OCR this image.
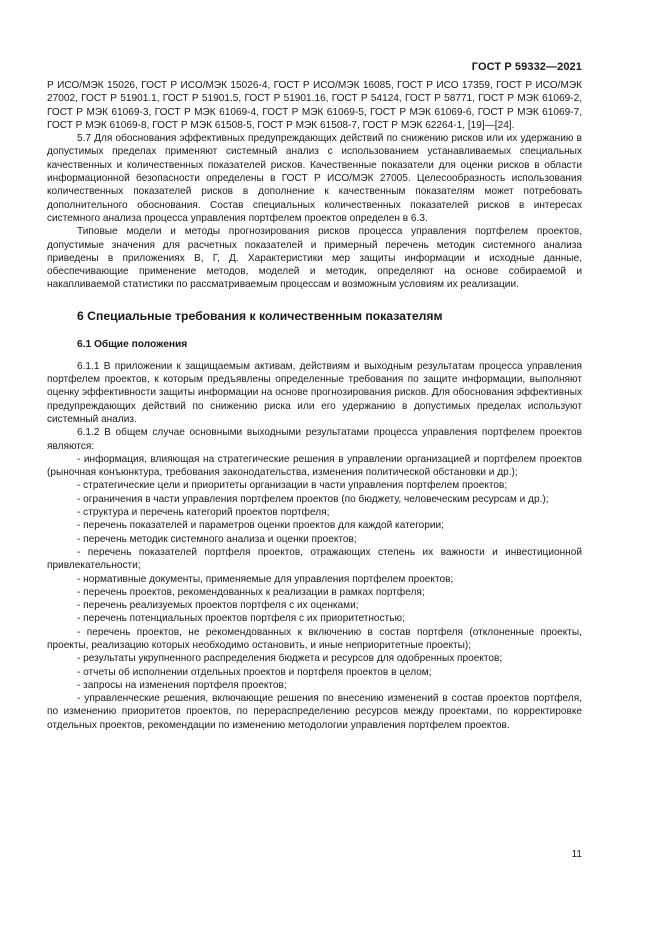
ГОСТ Р 59332—2021

Р ИСО/МЭК 15026, ГОСТ Р ИСО/МЭК 15026-4, ГОСТ Р ИСО/МЭК 16085, ГОСТ Р ИСО 17359, ГОСТ Р ИСО/МЭК 27002, ГОСТ Р 51901.1, ГОСТ Р 51901.5, ГОСТ Р 51901.16, ГОСТ Р 54124, ГОСТ Р 58771, ГОСТ Р МЭК 61069-2, ГОСТ Р МЭК 61069-3, ГОСТ Р МЭК 61069-4, ГОСТ Р МЭК 61069-5, ГОСТ Р МЭК 61069-6, ГОСТ Р МЭК 61069-7, ГОСТ Р МЭК 61069-8, ГОСТ Р МЭК 61508-5, ГОСТ Р МЭК 61508-7, ГОСТ Р МЭК 62264-1, [19]—[24].

5.7 Для обоснования эффективных предупреждающих действий по снижению рисков или их удержанию в допустимых пределах применяют системный анализ с использованием устанавливаемых специальных качественных и количественных показателей рисков. Качественные показатели для оценки рисков в области информационной безопасности определены в ГОСТ Р ИСО/МЭК 27005. Целесообразность использования количественных показателей рисков в дополнение к качественным показателям может потребовать дополнительного обоснования. Состав специальных количественных показателей рисков в интересах системного анализа процесса управления портфелем проектов определен в 6.3.

Типовые модели и методы прогнозирования рисков процесса управления портфелем проектов, допустимые значения для расчетных показателей и примерный перечень методик системного анализа приведены в приложениях В, Г, Д. Характеристики мер защиты информации и исходные данные, обеспечивающие применение методов, моделей и методик, определяют на основе собираемой и накапливаемой статистики по рассматриваемым процессам и возможным условиям их реализации.

6 Специальные требования к количественным показателям

6.1 Общие положения

6.1.1 В приложении к защищаемым активам, действиям и выходным результатам процесса управления портфелем проектов, к которым предъявлены определенные требования по защите информации, выполняют оценку эффективности защиты информации на основе прогнозирования рисков. Для обоснования эффективных предупреждающих действий по снижению риска или его удержанию в допустимых пределах используют системный анализ.

6.1.2 В общем случае основными выходными результатами процесса управления портфелем проектов являются:

- информация, влияющая на стратегические решения в управлении организацией и портфелем проектов (рыночная конъюнктура, требования законодательства, изменения политической обстановки и др.);

- стратегические цели и приоритеты организации в части управления портфелем проектов;

- ограничения в части управления портфелем проектов (по бюджету, человеческим ресурсам и др.);

- структура и перечень категорий проектов портфеля;

- перечень показателей и параметров оценки проектов для каждой категории;

- перечень методик системного анализа и оценки проектов;

- перечень показателей портфеля проектов, отражающих степень их важности и инвестиционной привлекательности;

- нормативные документы, применяемые для управления портфелем проектов;

- перечень проектов, рекомендованных к реализации в рамках портфеля;

- перечень реализуемых проектов портфеля с их оценками;

- перечень потенциальных проектов портфеля с их приоритетностью;

- перечень проектов, не рекомендованных к включению в состав портфеля (отклоненные проекты, проекты, реализацию которых необходимо остановить, и иные неприоритетные проекты);

- результаты укрупненного распределения бюджета и ресурсов для одобренных проектов;

- отчеты об исполнении отдельных проектов и портфеля проектов в целом;

- запросы на изменения портфеля проектов;

- управленческие решения, включающие решения по внесению изменений в состав проектов портфеля, по изменению приоритетов проектов, по перераспределению ресурсов между проектами, по корректировке отдельных проектов, рекомендации по изменению методологии управления портфелем проектов.

11
